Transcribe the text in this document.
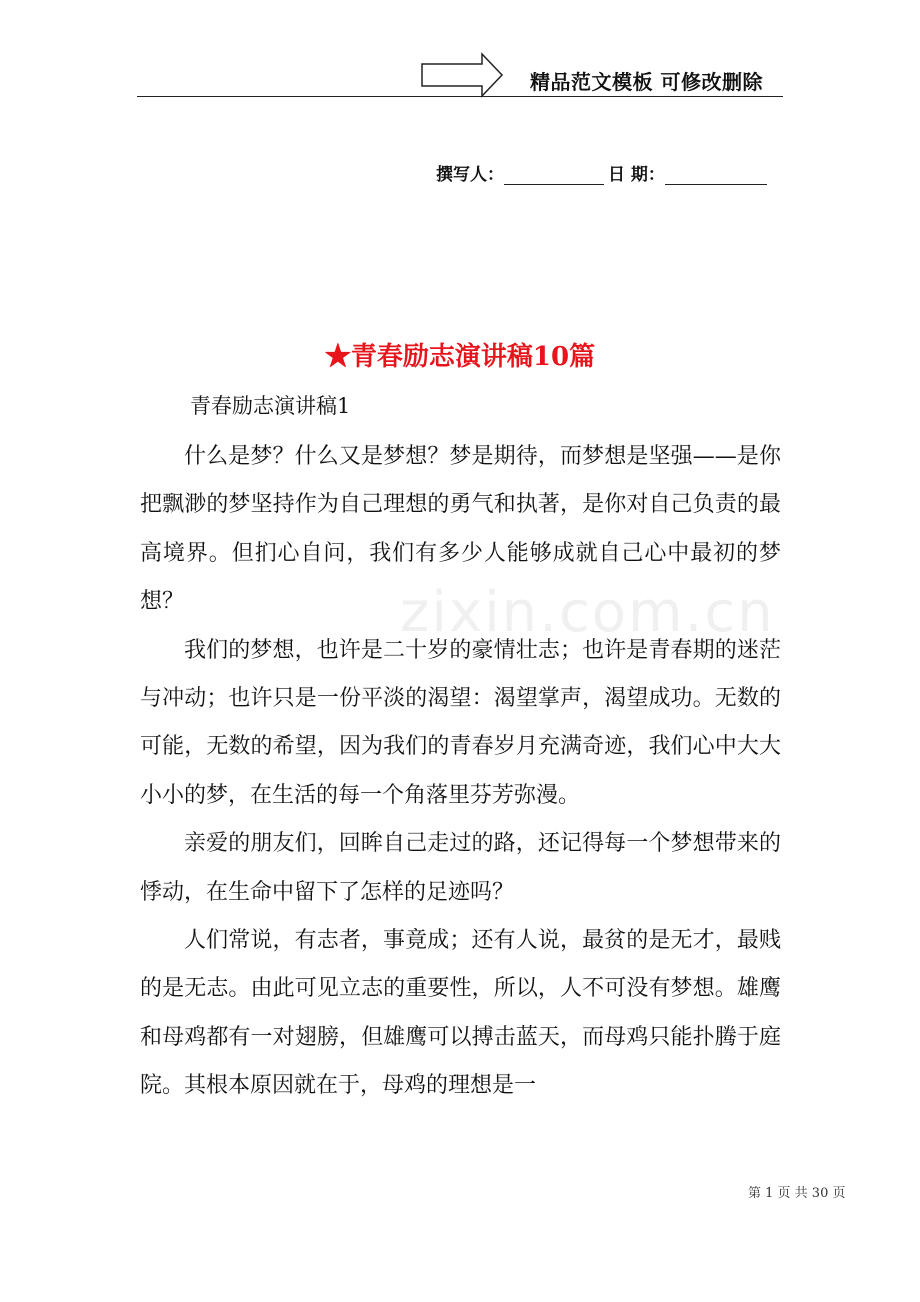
精品范文模板 可修改删除
撰写人：	日 期：
★青春励志演讲稿10篇
青春励志演讲稿1
zixin.com.cn

什么是梦？什么又是梦想？梦是期待，而梦想是坚强——是你把飘渺的梦坚持作为自己理想的勇气和执著，是你对自己负责的最高境界。但扪心自问，我们有多少人能够成就自己心中最初的梦想？

我们的梦想，也许是二十岁的豪情壮志；也许是青春期的迷茫与冲动；也许只是一份平淡的渴望：渴望掌声，渴望成功。无数的可能，无数的希望，因为我们的青春岁月充满奇迹，我们心中大大小小的梦，在生活的每一个角落里芬芳弥漫。

亲爱的朋友们，回眸自己走过的路，还记得每一个梦想带来的悸动，在生命中留下了怎样的足迹吗？

人们常说，有志者，事竟成；还有人说，最贫的是无才，最贱的是无志。由此可见立志的重要性，所以，人不可没有梦想。雄鹰和母鸡都有一对翅膀，但雄鹰可以搏击蓝天，而母鸡只能扑腾于庭院。其根本原因就在于，母鸡的理想是一

第 1 页 共 30 页
